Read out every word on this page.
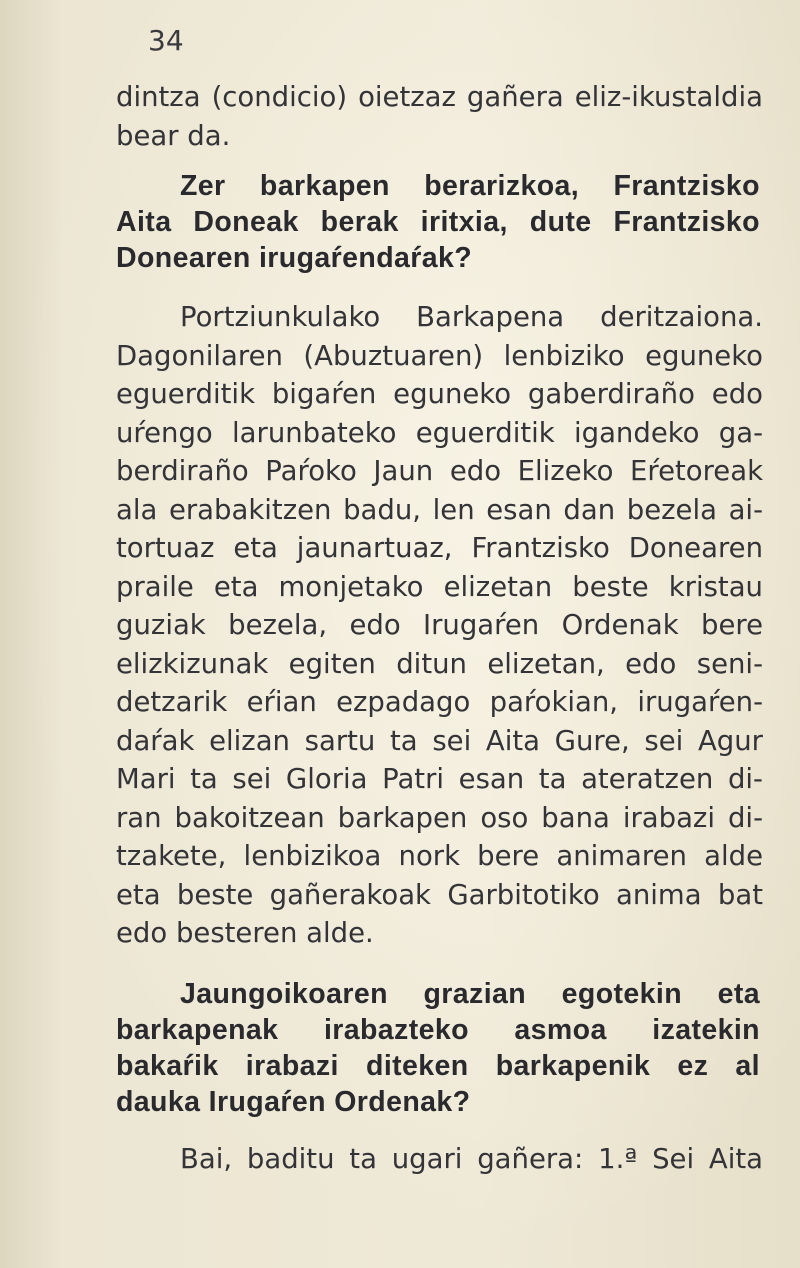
34
dintza (condicio) oietzaz gañera eliz-ikustaldia
bear da.
Zer barkapen berarizkoa, Frantzisko
Aita Doneak berak iritxia, dute Frantzisko
Donearen irugaŕendaŕak?
Portziunkulako Barkapena deritzaiona.
Dagonilaren (Abuztuaren) lenbiziko eguneko
eguerditik bigaŕen eguneko gaberdiraño edo
uŕengo larunbateko eguerditik igandeko ga-
berdiraño Paŕoko Jaun edo Elizeko Eŕetoreak
ala erabakitzen badu, len esan dan bezela ai-
tortuaz eta jaunartuaz, Frantzisko Donearen
praile eta monjetako elizetan beste kristau
guziak bezela, edo Irugaŕen Ordenak bere
elizkizunak egiten ditun elizetan, edo seni-
detzarik eŕian ezpadago paŕokian, irugaŕen-
daŕak elizan sartu ta sei Aita Gure, sei Agur
Mari ta sei Gloria Patri esan ta ateratzen di-
ran bakoitzean barkapen oso bana irabazi di-
tzakete, lenbizikoa nork bere animaren alde
eta beste gañerakoak Garbitotiko anima bat
edo besteren alde.
Jaungoikoaren grazian egotekin eta
barkapenak irabazteko asmoa izatekin
bakaŕik irabazi diteken barkapenik ez al
dauka Irugaŕen Ordenak?
Bai, baditu ta ugari gañera: 1.ª Sei Aita
